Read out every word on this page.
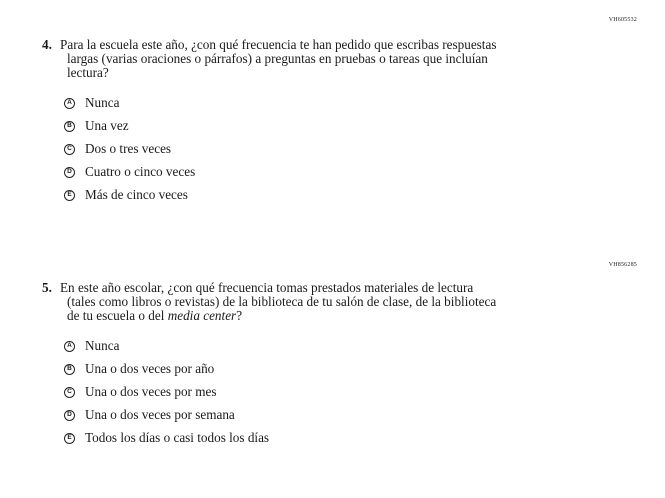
VH605532
4. Para la escuela este año, ¿con qué frecuencia te han pedido que escribas respuestas
largas (varias oraciones o párrafos) a preguntas en pruebas o tareas que incluían
lectura?
A Nunca
B Una vez
C Dos o tres veces
D Cuatro o cinco veces
E Más de cinco veces
VH856285
5. En este año escolar, ¿con qué frecuencia tomas prestados materiales de lectura
(tales como libros o revistas) de la biblioteca de tu salón de clase, de la biblioteca
de tu escuela o del media center?
A Nunca
B Una o dos veces por año
C Una o dos veces por mes
D Una o dos veces por semana
E Todos los días o casi todos los días
